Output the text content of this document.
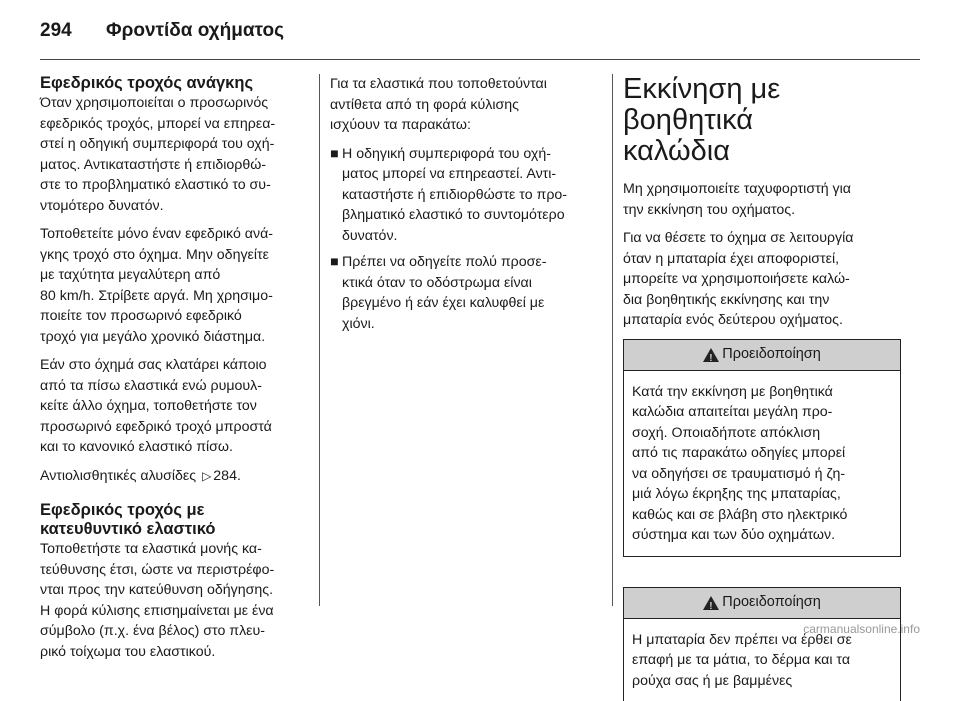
294	Φροντίδα οχήματος
Εφεδρικός τροχός ανάγκης
Όταν χρησιμοποιείται ο προσωρινός
εφεδρικός τροχός, μπορεί να επηρεα-
στεί η οδηγική συμπεριφορά του οχή-
ματος. Αντικαταστήστε ή επιδιορθώ-
στε το προβληματικό ελαστικό το συ-
ντομότερο δυνατόν.
Τοποθετείτε μόνο έναν εφεδρικό ανά-
γκης τροχό στο όχημα. Μην οδηγείτε
με ταχύτητα μεγαλύτερη από
80 km/h. Στρίβετε αργά. Μη χρησιμο-
ποιείτε τον προσωρινό εφεδρικό
τροχό για μεγάλο χρονικό διάστημα.
Εάν στο όχημά σας κλατάρει κάποιο
από τα πίσω ελαστικά ενώ ρυμουλ-
κείτε άλλο όχημα, τοποθετήστε τον
προσωρινό εφεδρικό τροχό μπροστά
και το κανονικό ελαστικό πίσω.
Αντιολισθητικές αλυσίδες ▷ 284.
Εφεδρικός τροχός με
κατευθυντικό ελαστικό
Τοποθετήστε τα ελαστικά μονής κα-
τεύθυνσης έτσι, ώστε να περιστρέφο-
νται προς την κατεύθυνση οδήγησης.
Η φορά κύλισης επισημαίνεται με ένα
σύμβολο (π.χ. ένα βέλος) στο πλευ-
ρικό τοίχωμα του ελαστικού.
Για τα ελαστικά που τοποθετούνται
αντίθετα από τη φορά κύλισης
ισχύουν τα παρακάτω:
■ Η οδηγική συμπεριφορά του οχή-
ματος μπορεί να επηρεαστεί. Αντι-
καταστήστε ή επιδιορθώστε το προ-
βληματικό ελαστικό το συντομότερο
δυνατόν.
■ Πρέπει να οδηγείτε πολύ προσε-
κτικά όταν το οδόστρωμα είναι
βρεγμένο ή εάν έχει καλυφθεί με
χιόνι.
Εκκίνηση με βοηθητικά
καλώδια
Μη χρησιμοποιείτε ταχυφορτιστή για
την εκκίνηση του οχήματος.
Για να θέσετε το όχημα σε λειτουργία
όταν η μπαταρία έχει αποφοριστεί,
μπορείτε να χρησιμοποιήσετε καλώ-
δια βοηθητικής εκκίνησης και την
μπαταρία ενός δεύτερου οχήματος.
!
Προειδοποίηση
Κατά την εκκίνηση με βοηθητικά
καλώδια απαιτείται μεγάλη προ-
σοχή. Οποιαδήποτε απόκλιση
από τις παρακάτω οδηγίες μπορεί
να οδηγήσει σε τραυματισμό ή ζη-
μιά λόγω έκρηξης της μπαταρίας,
καθώς και σε βλάβη στο ηλεκτρικό
σύστημα και των δύο οχημάτων.
!
Προειδοποίηση
Η μπαταρία δεν πρέπει να έρθει σε
επαφή με τα μάτια, το δέρμα και τα
ρούχα σας ή με βαμμένες
carmanualsonline.info
